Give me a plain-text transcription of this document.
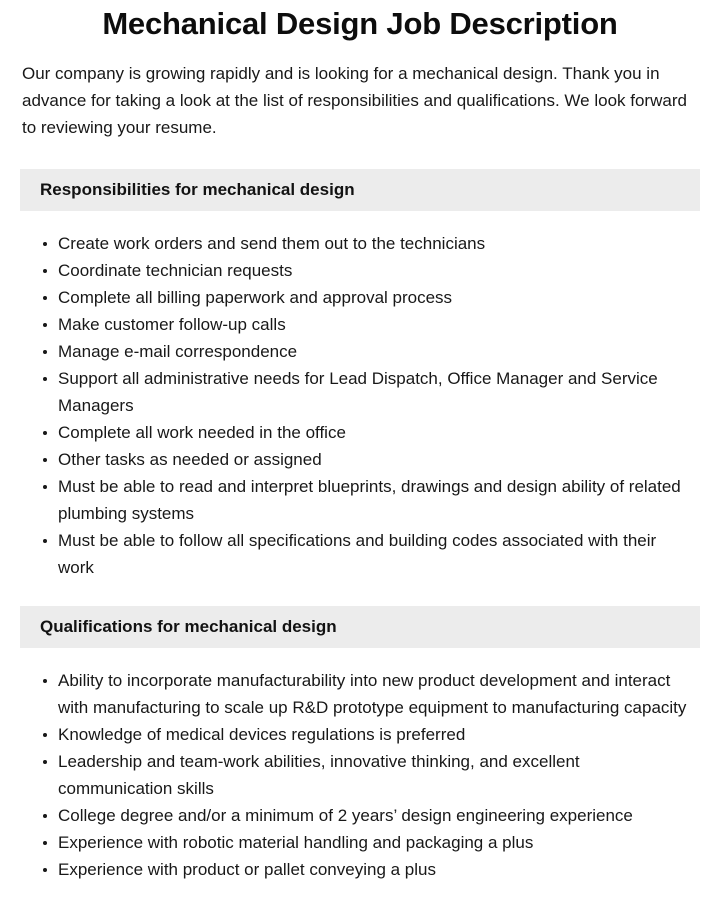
Mechanical Design Job Description

Our company is growing rapidly and is looking for a mechanical design. Thank you in advance for taking a look at the list of responsibilities and qualifications. We look forward to reviewing your resume.

Responsibilities for mechanical design
Create work orders and send them out to the technicians
Coordinate technician requests
Complete all billing paperwork and approval process
Make customer follow-up calls
Manage e-mail correspondence
Support all administrative needs for Lead Dispatch, Office Manager and Service Managers
Complete all work needed in the office
Other tasks as needed or assigned
Must be able to read and interpret blueprints, drawings and design ability of related plumbing systems
Must be able to follow all specifications and building codes associated with their work
Qualifications for mechanical design
Ability to incorporate manufacturability into new product development and interact with manufacturing to scale up R&D prototype equipment to manufacturing capacity
Knowledge of medical devices regulations is preferred
Leadership and team-work abilities, innovative thinking, and excellent communication skills
College degree and/or a minimum of 2 years’ design engineering experience
Experience with robotic material handling and packaging a plus
Experience with product or pallet conveying a plus
